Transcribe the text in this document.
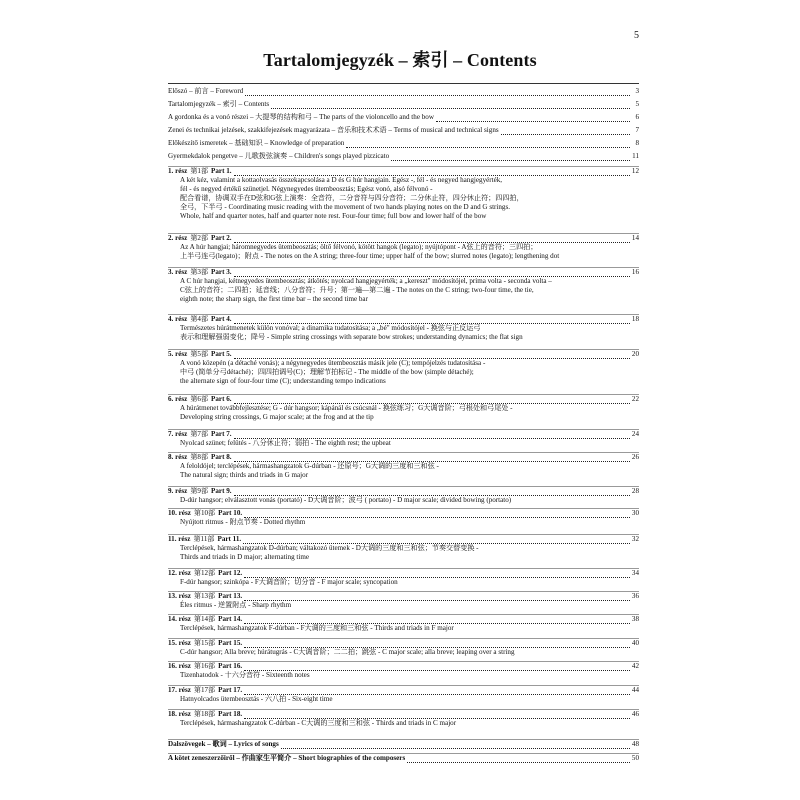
5
Tartalomjegyzék – 索引 – Contents
Előszó – 前言 – Foreword	3
Tartalomjegyzék – 索引 – Contents	5
A gordonka és a vonó részei – 大提琴的结构和弓 – The parts of the violoncello and the bow	6
Zenei és technikai jelzések, szakkifejezések magyarázata – 音乐和技术术语 – Terms of musical and technical signs	7
Előkészítő ismeretek – 基础知识 – Knowledge of preparation	8
Gyermekdalok pengetve – 儿歌拨弦演奏 – Children's songs played pizzicato	11
1. rész 第1部 Part 1.	12
A két kéz, valamint a kottaolvasás összekapcsolása a D és G húr hangjain. Egész -, fél - és negyed hangjegyérték,
fél - és negyed értékű szünetjel. Négynegyedes ütembeosztás; Egész vonó, alsó félvonó -
配合看谱，协调双手在D弦和G弦上演奏：全音符，二分音符与四分音符；二分休止符，四分休止符；四四拍，
全弓，下半弓 - Coordinating music reading with the movement of two hands playing notes on the D and G strings.
Whole, half and quarter notes, half and quarter note rest. Four-four time; full bow and lower half of the bow
2. rész 第2部 Part 2.	14
Az A húr hangjai; háromnegyedes ütembeosztás; öltő félvonó, kötött hangok (legato); nyújtópont - A弦上的音符；三四拍；
上半弓连弓(legato)；附点 - The notes on the A string; three-four time; upper half of the bow; slurred notes (legato); lengthening dot
3. rész 第3部 Part 3.	16
A C húr hangjai, kétnegyedes ütembeosztás; átkötés; nyolcad hangjegyérték; a „kereszt" módosítójel, prima volta - seconda volta –
C弦上的音符；二四拍；延音线；八分音符；升号；第一遍—第二遍 - The notes on the C string; two-four time, the tie,
eighth note; the sharp sign, the first time bar – the second time bar
4. rész 第4部 Part 4.	18
Természetes húrátmenetek külön vonóval; a dinamika tudatosítása; a „bé" módosítójel - 换弦与正反运弓
表示和理解强弱变化；降号 - Simple string crossings with separate bow strokes; understanding dynamics; the flat sign
5. rész 第5部 Part 5.	20
A vonó közepén (a détaché vonás); a négynegyedes ütembeosztás másik jele (C); tempójelzés tudatosítása -
中弓 (简单分弓détaché)；四四拍调号(C)；理解节拍标记 - The middle of the bow (simple détaché);
the alternate sign of four-four time (C); understanding tempo indications
6. rész 第6部 Part 6.	22
A húrátmenet továbbfejlesztése; G - dúr hangsor; kápánál és csúcsnál - 换弦练习；G大调音阶；弓根处和弓尾处 -
Developing string crossings, G major scale; at the frog and at the tip
7. rész 第7部 Part 7.	24
Nyolcad szünet; felütés - 八分休止符；弱拍 - The eighth rest; the upbeat
8. rész 第8部 Part 8.	26
A feloldójel; terclépések, hármashangzatok G-dúrban - 还原号；G大调的三度和三和弦 -
The natural sign; thirds and triads in G major
9. rész 第9部 Part 9.	28
D-dúr hangsor; elválasztott vonás (portató) - D大调音阶；波弓 ( portato) - D major scale; divided bowing (portato)
10. rész 第10部 Part 10.	30
Nyújtott ritmus - 附点节奏 - Dotted rhythm
11. rész 第11部 Part 11.	32
Terclépések, hármashangzatok D-dúrban; váltakozó ütemek - D大调的三度和三和弦；节奏交替变换 -
Thirds and triads in D major; alternating time
12. rész 第12部 Part 12.	34
F-dúr hangsor; szinkópa - F大调音阶；切分音 - F major scale; syncopation
13. rész 第13部 Part 13.	36
Éles ritmus - 逆置附点 - Sharp rhythm
14. rész 第14部 Part 14.	38
Terclépések, hármashangzatok F-dúrban - F大调的三度和三和弦 - Thirds and triads in F major
15. rész 第15部 Part 15.	40
C-dúr hangsor; Alla breve; húrátugrás - C大调音阶；二二拍；跳弦 - C major scale; alla breve; leaping over a string
16. rész 第16部 Part 16.	42
Tizenhatodok - 十六分音符 - Sixteenth notes
17. rész 第17部 Part 17.	44
Hatnyolcados ütembeosztás - 六八拍 - Six-eight time
18. rész 第18部 Part 18.	46
Terclépések, hármashangzatok C-dúrban - C大调的三度和三和弦 - Thirds and triads in C major
Dalszövegek – 歌词 – Lyrics of songs	48
A kötet zeneszerzőiről – 作曲家生平简介 – Short biographies of the composers	50
